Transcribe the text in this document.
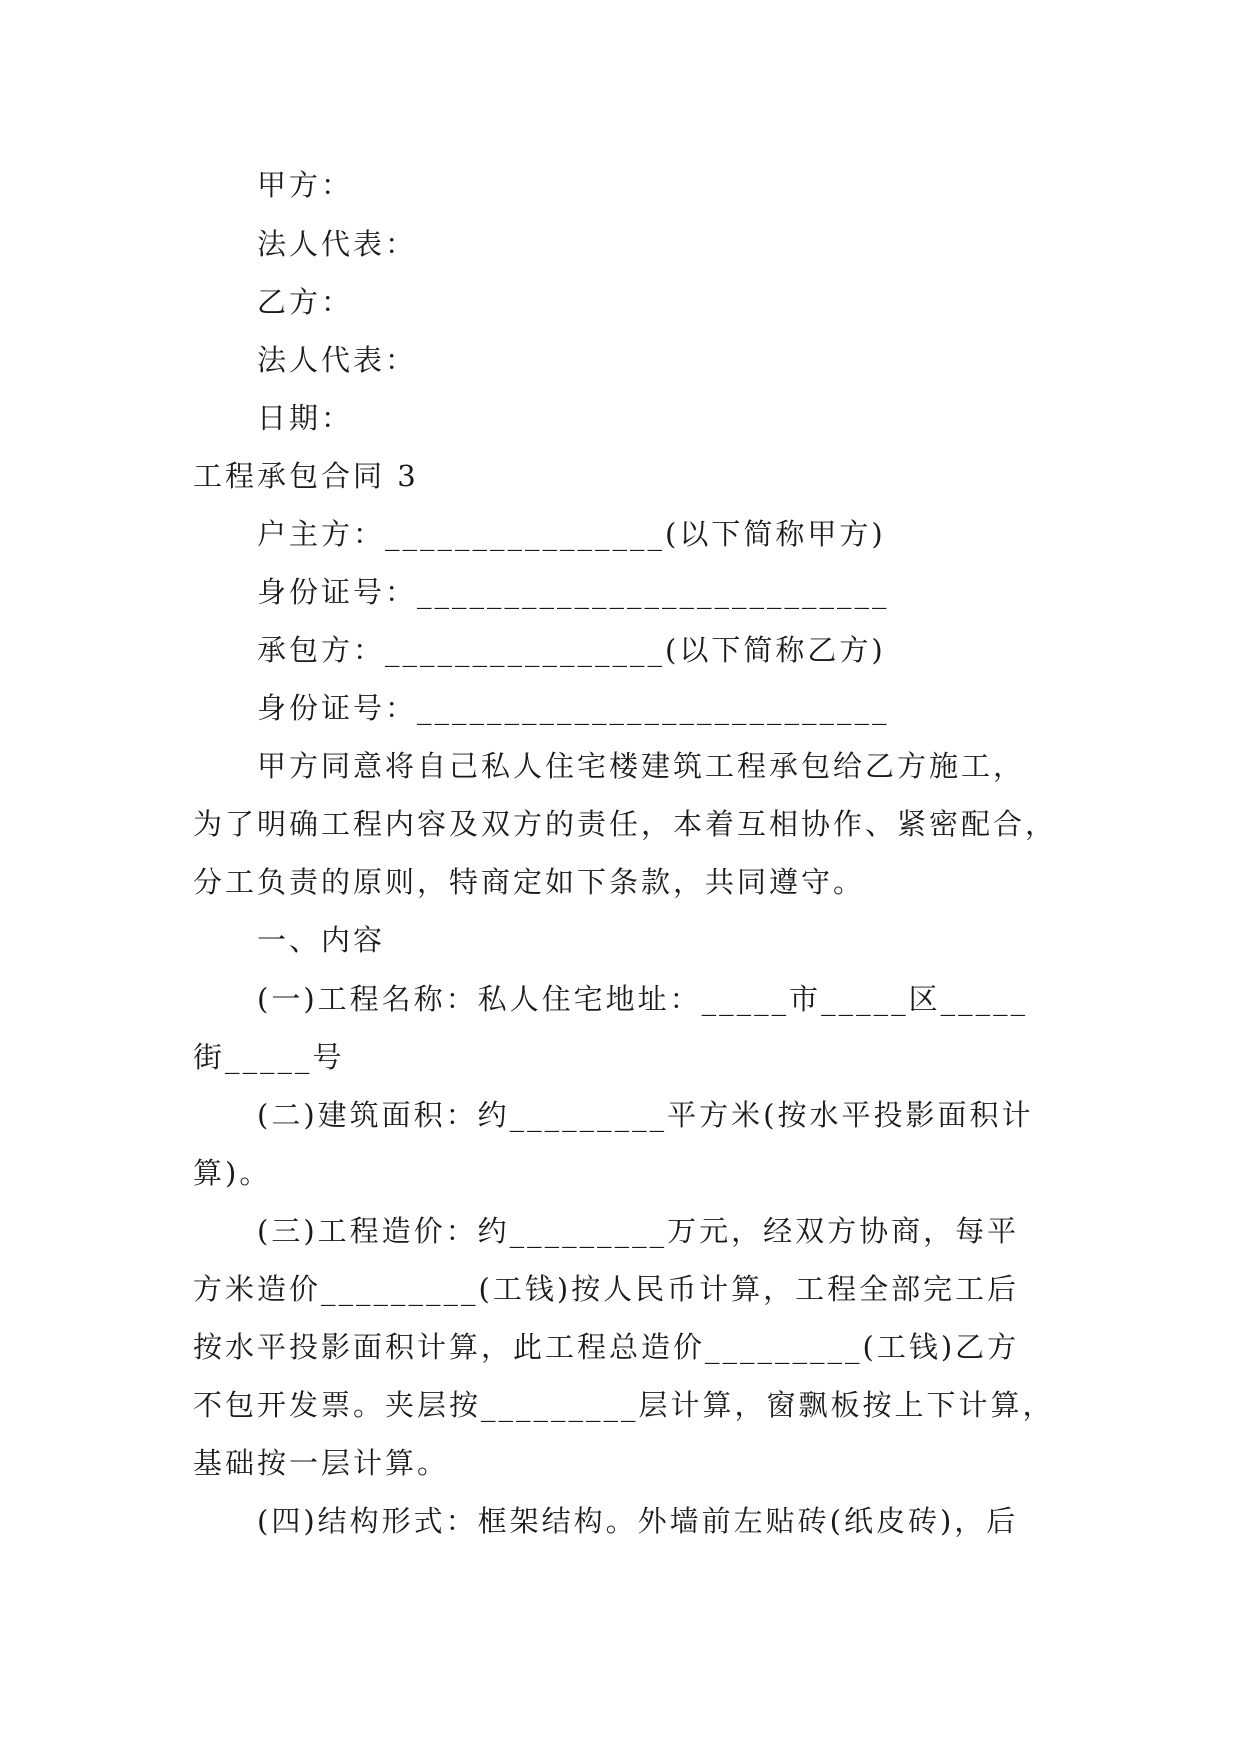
甲方：
法人代表：
乙方：
法人代表：
日期：
工程承包合同 3
户主方：________________(以下简称甲方)
身份证号：___________________________
承包方：________________(以下简称乙方)
身份证号：___________________________
甲方同意将自己私人住宅楼建筑工程承包给乙方施工，
为了明确工程内容及双方的责任，本着互相协作、紧密配合，
分工负责的原则，特商定如下条款，共同遵守。
一、内容
(一)工程名称：私人住宅地址：_____市_____区_____
街_____号
(二)建筑面积：约_________平方米(按水平投影面积计
算)。
(三)工程造价：约_________万元，经双方协商，每平
方米造价_________(工钱)按人民币计算，工程全部完工后
按水平投影面积计算，此工程总造价_________(工钱)乙方
不包开发票。夹层按_________层计算，窗飘板按上下计算，
基础按一层计算。
(四)结构形式：框架结构。外墙前左贴砖(纸皮砖)，后
